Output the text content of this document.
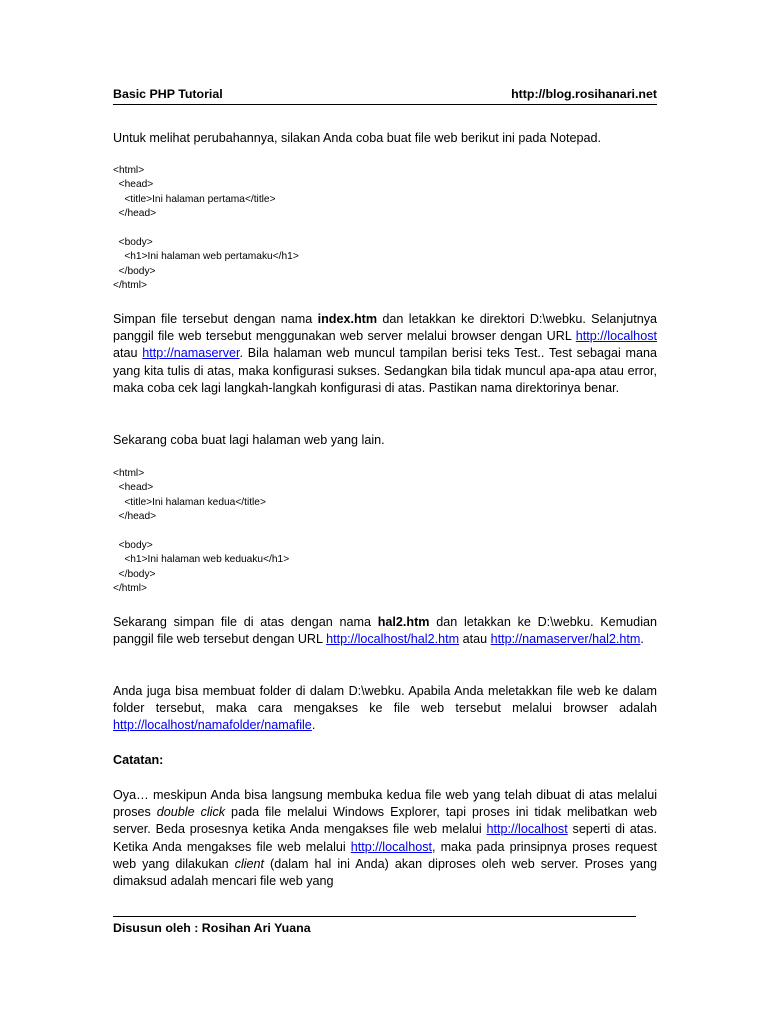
Basic PHP Tutorial	http://blog.rosihanari.net
Untuk melihat perubahannya, silakan Anda coba buat file web berikut ini pada Notepad.
<html>
<head>
<title>Ini halaman pertama</title>
</head>

<body>
<h1>Ini halaman web pertamaku</h1>
</body>
</html>
Simpan file tersebut dengan nama index.htm dan letakkan ke direktori D:\webku. Selanjutnya panggil file web tersebut menggunakan web server melalui browser dengan URL http://localhost atau http://namaserver. Bila halaman web muncul tampilan berisi teks Test.. Test sebagai mana yang kita tulis di atas, maka konfigurasi sukses. Sedangkan bila tidak muncul apa-apa atau error, maka coba cek lagi langkah-langkah konfigurasi di atas. Pastikan nama direktorinya benar.
Sekarang coba buat lagi halaman web yang lain.
<html>
<head>
<title>Ini halaman kedua</title>
</head>

<body>
<h1>Ini halaman web keduaku</h1>
</body>
</html>
Sekarang simpan file di atas dengan nama hal2.htm dan letakkan ke D:\webku. Kemudian panggil file web tersebut dengan URL http://localhost/hal2.htm atau http://namaserver/hal2.htm.
Anda juga bisa membuat folder di dalam D:\webku. Apabila Anda meletakkan file web ke dalam folder tersebut, maka cara mengakses ke file web tersebut melalui browser adalah http://localhost/namafolder/namafile.
Catatan:
Oya… meskipun Anda bisa langsung membuka kedua file web yang telah dibuat di atas melalui proses double click pada file melalui Windows Explorer, tapi proses ini tidak melibatkan web server. Beda prosesnya ketika Anda mengakses file web melalui http://localhost seperti di atas. Ketika Anda mengakses file web melalui http://localhost, maka pada prinsipnya proses request web yang dilakukan client (dalam hal ini Anda) akan diproses oleh web server. Proses yang dimaksud adalah mencari file web yang
Disusun oleh : Rosihan Ari Yuana
